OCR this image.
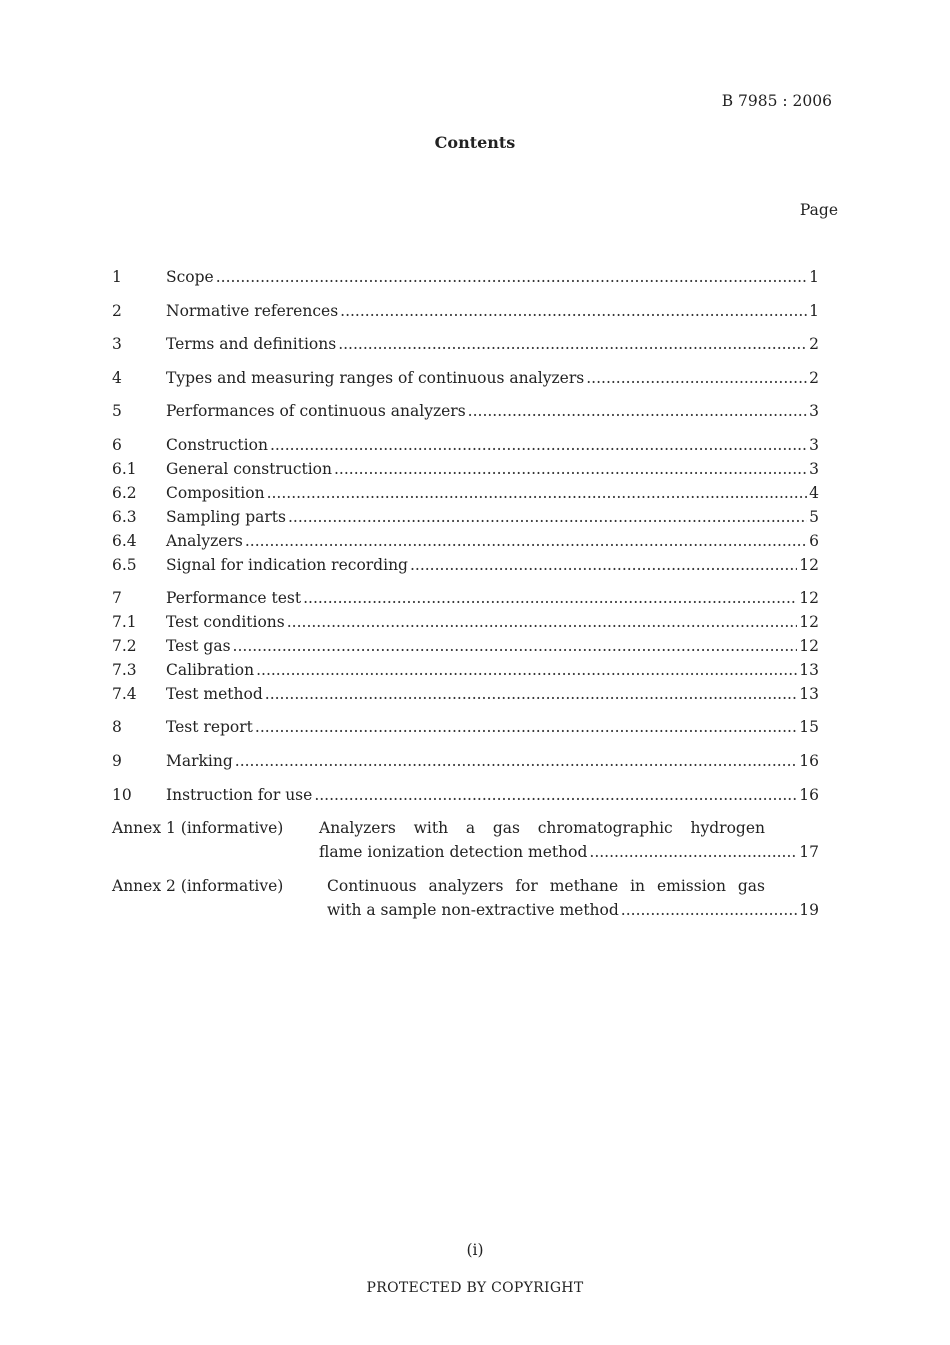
B 7985 : 2006
Contents
Page
1	Scope .....	1
2	Normative references .....	1
3	Terms and definitions .....	2
4	Types and measuring ranges of continuous analyzers .....	2
5	Performances of continuous analyzers .....	3
6	Construction .....	3
6.1	General construction .....	3
6.2	Composition .....	4
6.3	Sampling parts .....	5
6.4	Analyzers .....	6
6.5	Signal for indication recording .....	12
7	Performance test .....	12
7.1	Test conditions .....	12
7.2	Test gas .....	12
7.3	Calibration .....	13
7.4	Test method .....	13
8	Test report .....	15
9	Marking .....	16
10	Instruction for use .....	16
Annex 1 (informative) Analyzers with a gas chromatographic hydrogen
flame ionization detection method .....	17
Annex 2 (informative)	Continuous analyzers for methane in emission gas
with a sample non-extractive method .....	19
(i)
PROTECTED BY COPYRIGHT
